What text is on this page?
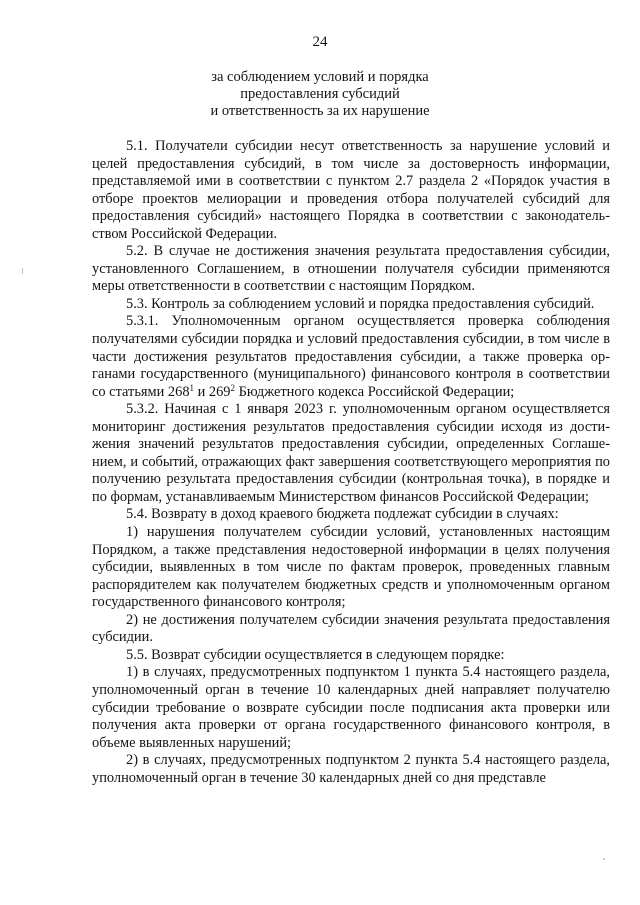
24
за соблюдением условий и порядка
предоставления субсидий
и ответственность за их нарушение

5.1. Получатели субсидии несут ответственность за нарушение условий и целей предоставления субсидий, в том числе за достоверность информации, представляемой ими в соответствии с пунктом 2.7 раздела 2 «Порядок участия в отборе проектов мелиорации и проведения отбора получателей субсидий для предоставления субсидий» настоящего Порядка в соответствии с законодательством Российской Федерации.

5.2. В случае не достижения значения результата предоставления субсидии, установленного Соглашением, в отношении получателя субсидии применяются меры ответственности в соответствии с настоящим Порядком.

5.3. Контроль за соблюдением условий и порядка предоставления субсидий.

5.3.1. Уполномоченным органом осуществляется проверка соблюдения получателями субсидии порядка и условий предоставления субсидии, в том числе в части достижения результатов предоставления субсидии, а также проверка органами государственного (муниципального) финансового контроля в соответствии со статьями $268^1$ и $269^2$ Бюджетного кодекса Российской Федерации;

5.3.2. Начиная с 1 января 2023 г. уполномоченным органом осуществляется мониторинг достижения результатов предоставления субсидии исходя из достижения значений результатов предоставления субсидии, определенных Соглашением, и событий, отражающих факт завершения соответствующего мероприятия по получению результата предоставления субсидии (контрольная точка), в порядке и по формам, устанавливаемым Министерством финансов Российской Федерации;

5.4. Возврату в доход краевого бюджета подлежат субсидии в случаях:

1) нарушения получателем субсидии условий, установленных настоящим Порядком, а также представления недостоверной информации в целях получения субсидии, выявленных в том числе по фактам проверок, проведенных главным распорядителем как получателем бюджетных средств и уполномоченным органом государственного финансового контроля;

2) не достижения получателем субсидии значения результата предоставления субсидии.

5.5. Возврат субсидии осуществляется в следующем порядке:

1) в случаях, предусмотренных подпунктом 1 пункта 5.4 настоящего раздела, уполномоченный орган в течение 10 календарных дней направляет получателю субсидии требование о возврате субсидии после подписания акта проверки или получения акта проверки от органа государственного финансового контроля, в объеме выявленных нарушений;

2) в случаях, предусмотренных подпунктом 2 пункта 5.4 настоящего раздела, уполномоченный орган в течение 30 календарных дней со дня представле
